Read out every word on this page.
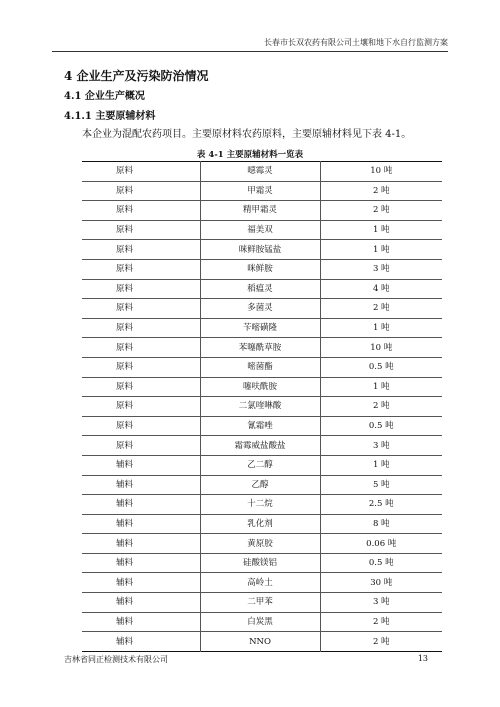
长春市长双农药有限公司土壤和地下水自行监测方案
4 企业生产及污染防治情况
4.1 企业生产概况
4.1.1 主要原辅材料
本企业为混配农药项目。主要原材料农药原料，主要原辅材料见下表 4-1。
表 4-1 主要原辅材料一览表
原料	噁霉灵	10 吨
原料	甲霜灵	2 吨
原料	精甲霜灵	2 吨
原料	福美双	1 吨
原料	咪鲜胺锰盐	1 吨
原料	咪鲜胺	3 吨
原料	稻瘟灵	4 吨
原料	多菌灵	2 吨
原料	苄嘧磺隆	1 吨
原料	苯噻酰草胺	10 吨
原料	嘧菌酯	0.5 吨
原料	噻呋酰胺	1 吨
原料	二氯喹啉酸	2 吨
原料	氰霜唑	0.5 吨
原料	霜霉威盐酸盐	3 吨
辅料	乙二醇	1 吨
辅料	乙醇	5 吨
辅料	十二烷	2.5 吨
辅料	乳化剂	8 吨
辅料	黄原胶	0.06 吨
辅料	硅酸镁铝	0.5 吨
辅料	高岭土	30 吨
辅料	二甲苯	3 吨
辅料	白炭黑	2 吨
辅料	NNO	2 吨
吉林省同正检测技术有限公司	13
